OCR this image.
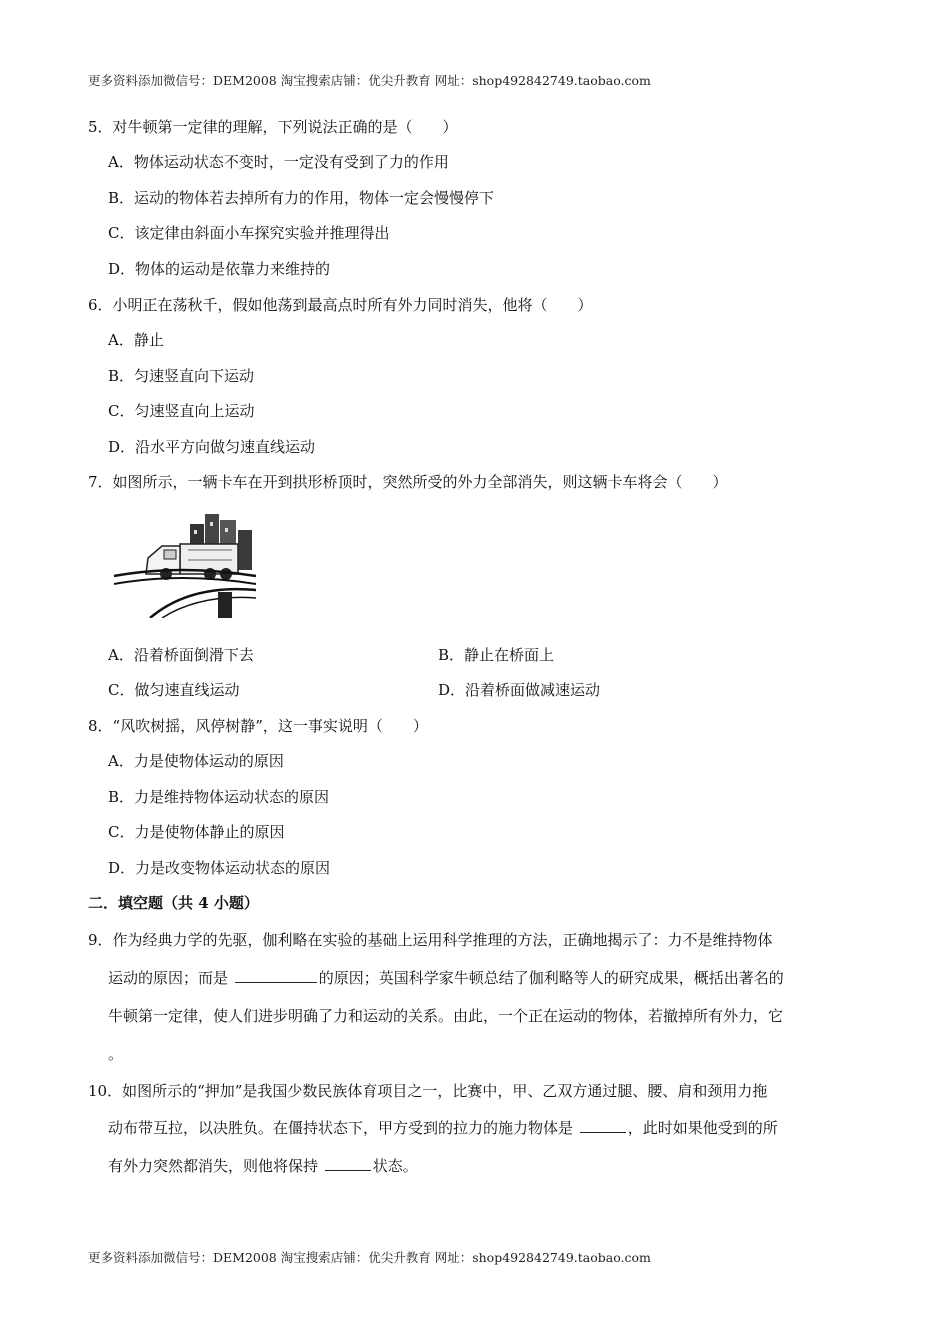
更多资料添加微信号：DEM2008 淘宝搜索店铺：优尖升教育 网址：shop492842749.taobao.com
5．对牛顿第一定律的理解，下列说法正确的是（　　）
A．物体运动状态不变时，一定没有受到了力的作用
B．运动的物体若去掉所有力的作用，物体一定会慢慢停下
C．该定律由斜面小车探究实验并推理得出
D．物体的运动是依靠力来维持的
6．小明正在荡秋千，假如他荡到最高点时所有外力同时消失，他将（　　）
A．静止
B．匀速竖直向下运动
C．匀速竖直向上运动
D．沿水平方向做匀速直线运动
7．如图所示，一辆卡车在开到拱形桥顶时，突然所受的外力全部消失，则这辆卡车将会（　　）
A．沿着桥面倒滑下去	B．静止在桥面上
C．做匀速直线运动	D．沿着桥面做减速运动
8．“风吹树摇，风停树静”，这一事实说明（　　）
A．力是使物体运动的原因
B．力是维持物体运动状态的原因
C．力是使物体静止的原因
D．力是改变物体运动状态的原因
二．填空题（共 4 小题）
9．作为经典力学的先驱，伽利略在实验的基础上运用科学推理的方法，正确地揭示了：力不是维持物体
运动的原因；而是	的原因；英国科学家牛顿总结了伽利略等人的研究成果，概括出著名的
牛顿第一定律，使人们进步明确了力和运动的关系。由此，一个正在运动的物体，若撤掉所有外力，它
。
10．如图所示的“押加”是我国少数民族体育项目之一，比赛中，甲、乙双方通过腿、腰、肩和颈用力拖
动布带互拉，以决胜负。在僵持状态下，甲方受到的拉力的施力物体是	，此时如果他受到的所
有外力突然都消失，则他将保持	状态。
更多资料添加微信号：DEM2008 淘宝搜索店铺：优尖升教育 网址：shop492842749.taobao.com
